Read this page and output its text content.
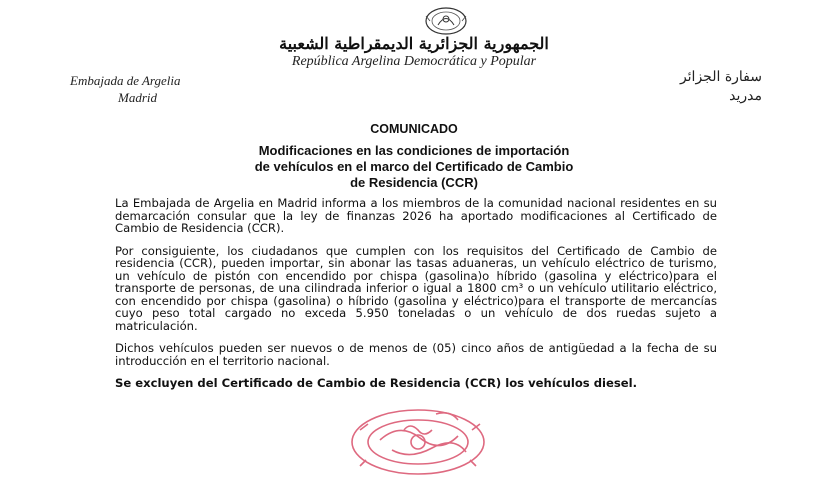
الجمهورية الجزائرية الديمقراطية الشعبية
República Argelina Democrática y Popular
Embajada de Argelia
Madrid
سفارة الجزائر
مدريد
COMUNICADO
Modificaciones en las condiciones de importación
de vehículos en el marco del Certificado de Cambio
de Residencia (CCR)

La Embajada de Argelia en Madrid informa a los miembros de la comunidad nacional residentes en su demarcación consular que la ley de finanzas 2026 ha aportado modificaciones al Certificado de Cambio de Residencia (CCR).

Por consiguiente, los ciudadanos que cumplen con los requisitos del Certificado de Cambio de residencia (CCR), pueden importar, sin abonar las tasas aduaneras, un vehículo eléctrico de turismo, un vehículo de pistón con encendido por chispa (gasolina)o híbrido (gasolina y eléctrico)para el transporte de personas, de una cilindrada inferior o igual a 1800 cm³ o un vehículo utilitario eléctrico, con encendido por chispa (gasolina) o híbrido (gasolina y eléctrico)para el transporte de mercancías cuyo peso total cargado no exceda 5.950 toneladas o un vehículo de dos ruedas sujeto a matriculación.

Dichos vehículos pueden ser nuevos o de menos de (05) cinco años de antigüedad a la fecha de su introducción en el territorio nacional.

Se excluyen del Certificado de Cambio de Residencia (CCR) los vehículos diesel.
